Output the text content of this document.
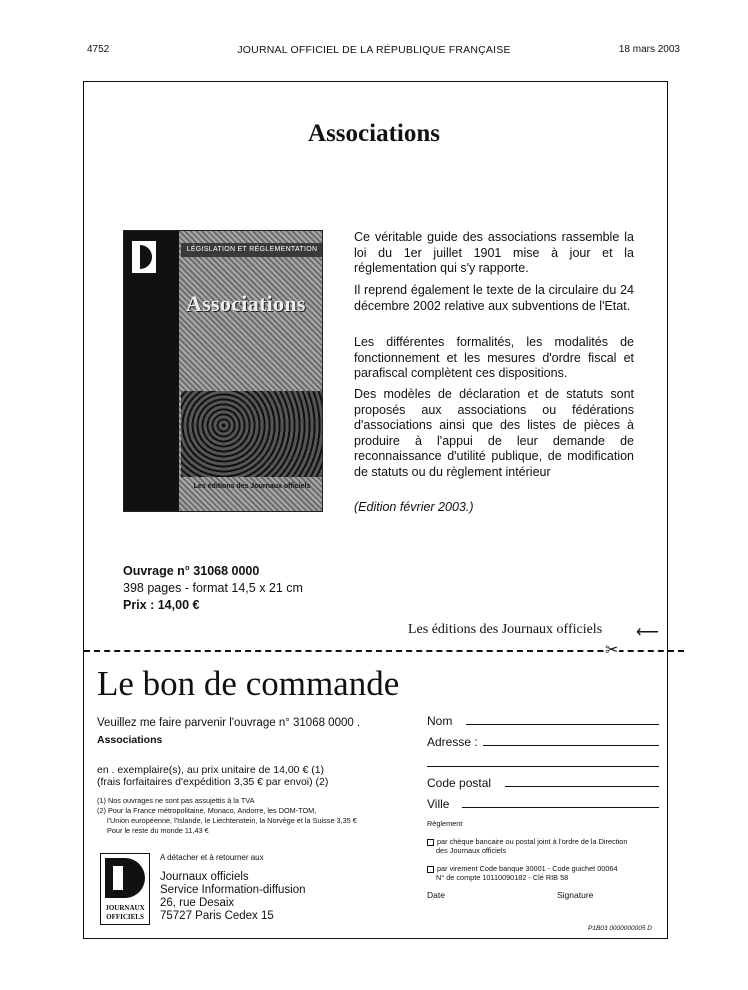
4752	JOURNAL OFFICIEL DE LA RÉPUBLIQUE FRANÇAISE	18 mars 2003
Associations
LÉGISLATION ET RÉGLEMENTATION
Associations
Les éditions des Journaux officiels

Ce véritable guide des associations rassemble la loi du 1er juillet 1901 mise à jour et la réglementation qui s'y rapporte.

Il reprend également le texte de la circulaire du 24 décembre 2002 relative aux subventions de l'Etat.

Les différentes formalités, les modalités de fonctionnement et les mesures d'ordre fiscal et parafiscal complètent ces dispositions.

Des modèles de déclaration et de statuts sont proposés aux associations ou fédérations d'associations ainsi que des listes de pièces à produire à l'appui de leur demande de reconnaissance d'utilité publique, de modification de statuts ou du règlement intérieur

(Edition février 2003.)
Ouvrage n° 31068 0000
398 pages - format 14,5 x 21 cm
Prix : 14,00 €
Les éditions des Journaux officiels ⟵
✂
Le bon de commande
Veuillez me faire parvenir l'ouvrage n° 31068 0000 .
Associations
en . exemplaire(s), au prix unitaire de 14,00 € (1)
(frais forfaitaires d'expédition 3,35 € par envoi) (2)
(1) Nos ouvrages ne sont pas assujettis à la TVA
(2) Pour la France métropolitaine, Monaco, Andorre, les DOM-TOM,
l'Union européenne, l'Islande, le Liechtenstein, la Norvège et la Suisse 3,35 €
Pour le reste du monde 11,43 €
Nom
Adresse :
Code postal
Ville
Règlement
par chèque bancaire ou postal joint à l'ordre de la Direction
des Journaux officiels
par virement Code banque 30001 - Code guichet 00064
N° de compte 10110090182 - Clé RIB 58
Date	Signature
JOURNAUX
OFFICIELS
A détacher et à retourner aux
Journaux officiels
Service Information-diffusion
26, rue Desaix
75727 Paris Cedex 15
P1B03 0000000005 D
